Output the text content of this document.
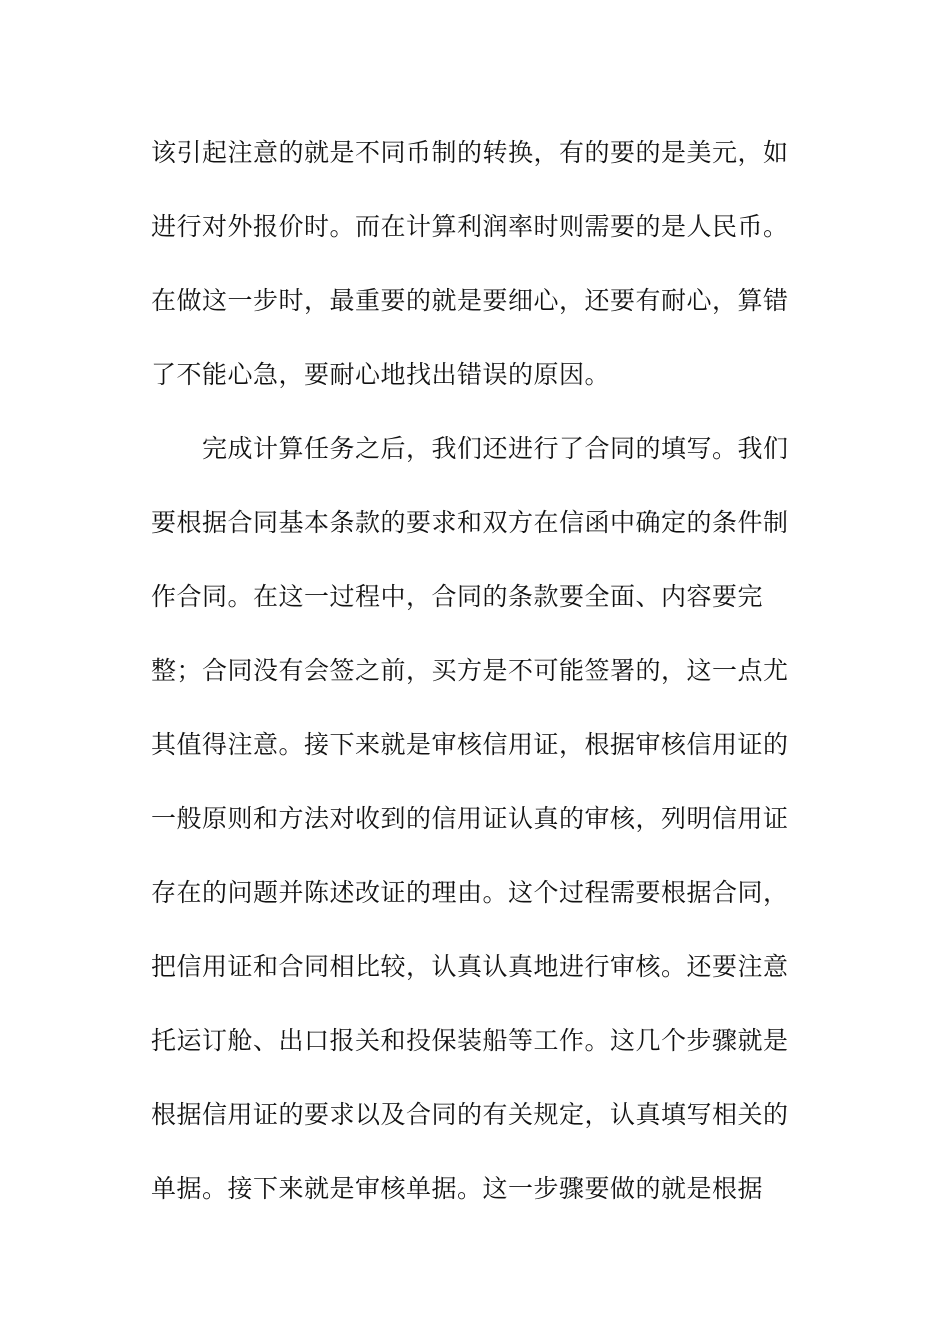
该引起注意的就是不同币制的转换，有的要的是美元，如
进行对外报价时。而在计算利润率时则需要的是人民币。
在做这一步时，最重要的就是要细心，还要有耐心，算错
了不能心急，要耐心地找出错误的原因。
完成计算任务之后，我们还进行了合同的填写。我们
要根据合同基本条款的要求和双方在信函中确定的条件制
作合同。在这一过程中，合同的条款要全面、内容要完
整；合同没有会签之前，买方是不可能签署的，这一点尤
其值得注意。接下来就是审核信用证，根据审核信用证的
一般原则和方法对收到的信用证认真的审核，列明信用证
存在的问题并陈述改证的理由。这个过程需要根据合同，
把信用证和合同相比较，认真认真地进行审核。还要注意
托运订舱、出口报关和投保装船等工作。这几个步骤就是
根据信用证的要求以及合同的有关规定，认真填写相关的
单据。接下来就是审核单据。这一步骤要做的就是根据
